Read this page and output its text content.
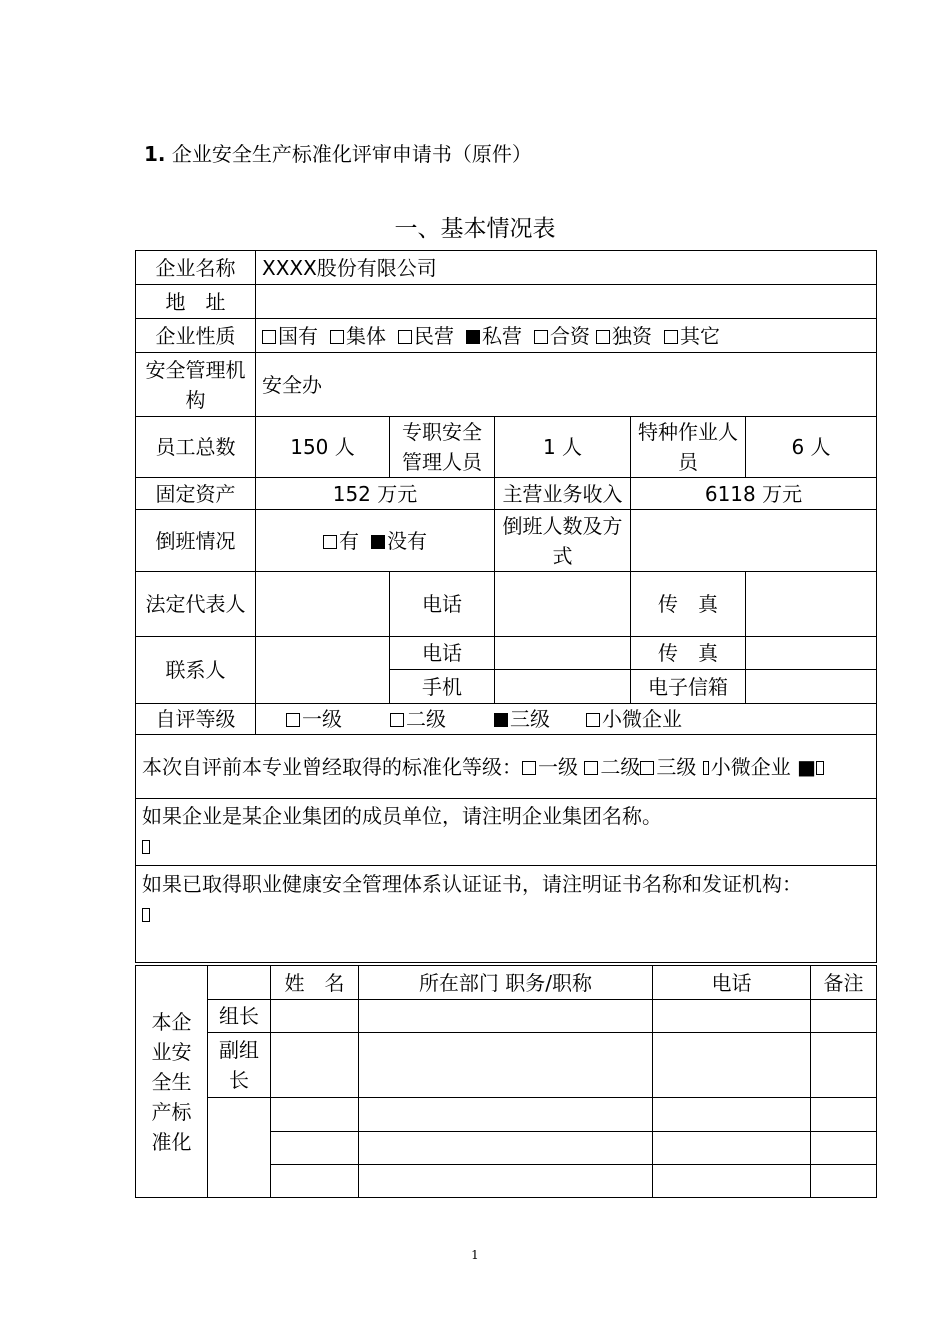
1. 企业安全生产标准化评审申请书（原件）
一、基本情况表
企业名称	XXXX股份有限公司				
地　址					
企业性质	国有 集体 民营 私营 合资 独资 其它				
安全管理机构	安全办				
员工总数	150 人	专职安全管理人员	1 人	特种作业人　员	6 人
固定资产	152 万元		主营业务收入	6118 万元	
倒班情况	有 没有		倒班人数及方式		
法定代表人		电话		传　真	
联系人		电话		传　真	
		手机		电子信箱	
自评等级	一级 二级 三级 小微企业				
本次自评前本专业曾经取得的标准化等级： 一级 二级 三级 小微企业 ■					

如果企业是某企业集团的成员单位，请注明企业集团名称。					

如果已取得职业健康安全管理体系认证证书，请注明证书名称和发证机构：					
本企业安全生产标准化		姓　名	所在部门 职务/职称	电话	备注
	组长				
	副组长				

1
